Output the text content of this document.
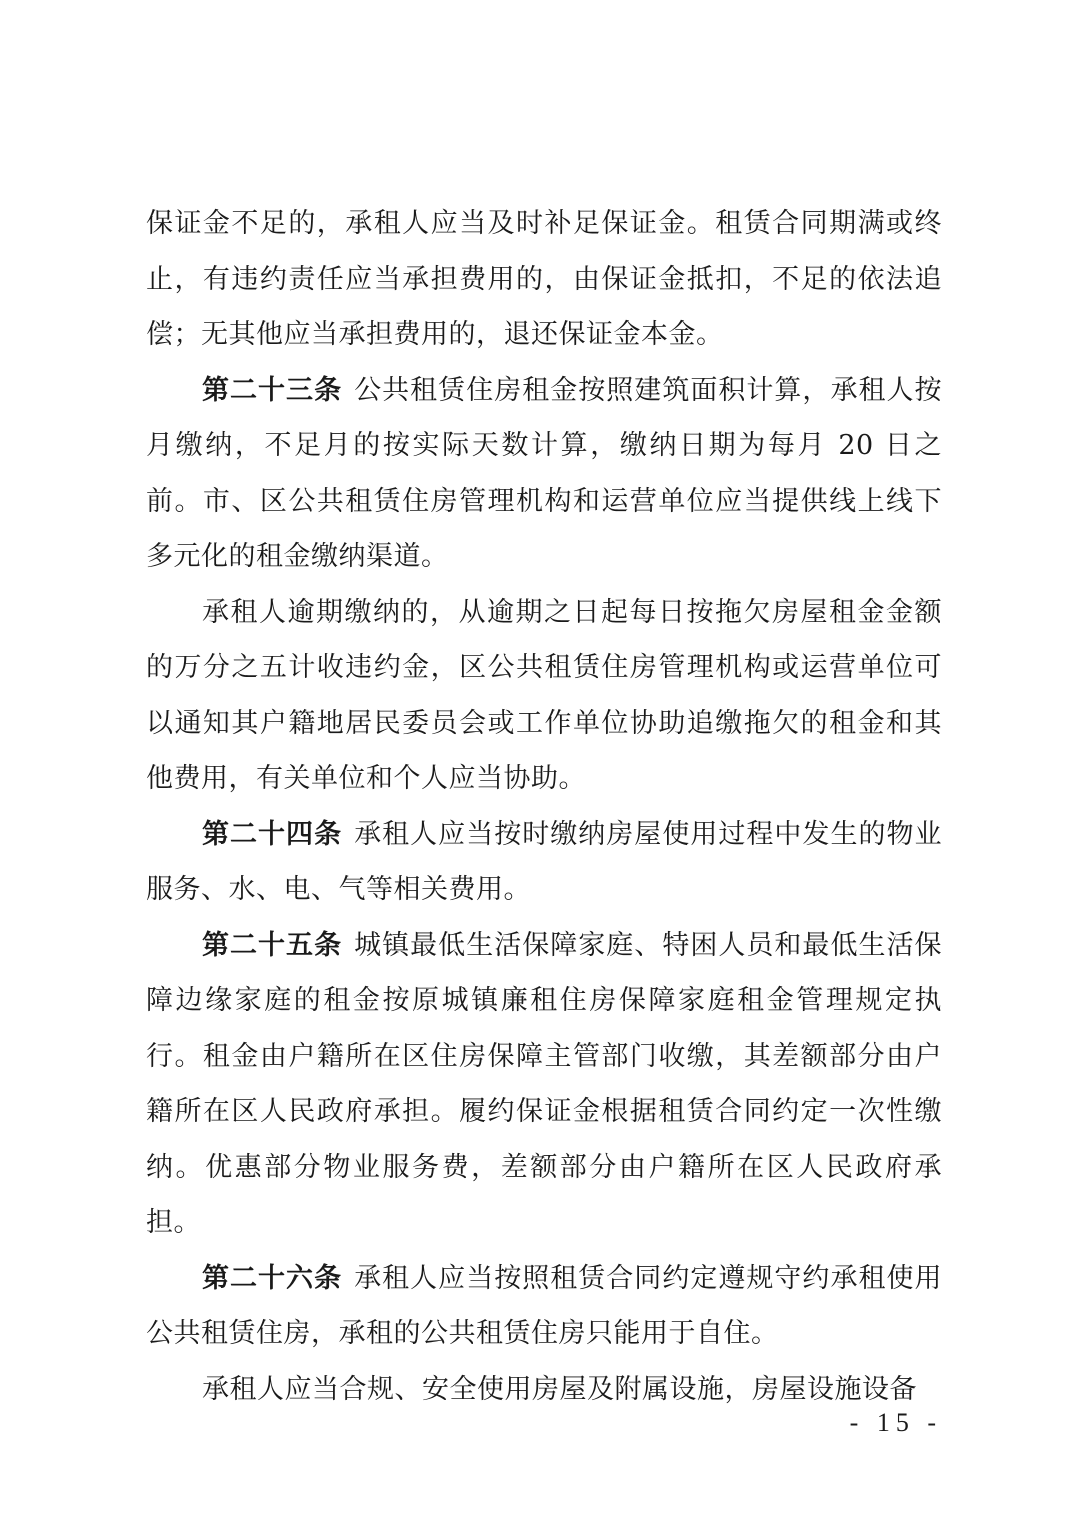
保证金不足的，承租人应当及时补足保证金。租赁合同期满或终止，有违约责任应当承担费用的，由保证金抵扣，不足的依法追偿；无其他应当承担费用的，退还保证金本金。

第二十三条 公共租赁住房租金按照建筑面积计算，承租人按月缴纳，不足月的按实际天数计算，缴纳日期为每月 20 日之前。市、区公共租赁住房管理机构和运营单位应当提供线上线下多元化的租金缴纳渠道。

承租人逾期缴纳的，从逾期之日起每日按拖欠房屋租金金额的万分之五计收违约金，区公共租赁住房管理机构或运营单位可以通知其户籍地居民委员会或工作单位协助追缴拖欠的租金和其他费用，有关单位和个人应当协助。

第二十四条 承租人应当按时缴纳房屋使用过程中发生的物业服务、水、电、气等相关费用。

第二十五条 城镇最低生活保障家庭、特困人员和最低生活保障边缘家庭的租金按原城镇廉租住房保障家庭租金管理规定执行。租金由户籍所在区住房保障主管部门收缴，其差额部分由户籍所在区人民政府承担。履约保证金根据租赁合同约定一次性缴纳。优惠部分物业服务费，差额部分由户籍所在区人民政府承担。

第二十六条 承租人应当按照租赁合同约定遵规守约承租使用公共租赁住房，承租的公共租赁住房只能用于自住。

承租人应当合规、安全使用房屋及附属设施，房屋设施设备

- 15 -
